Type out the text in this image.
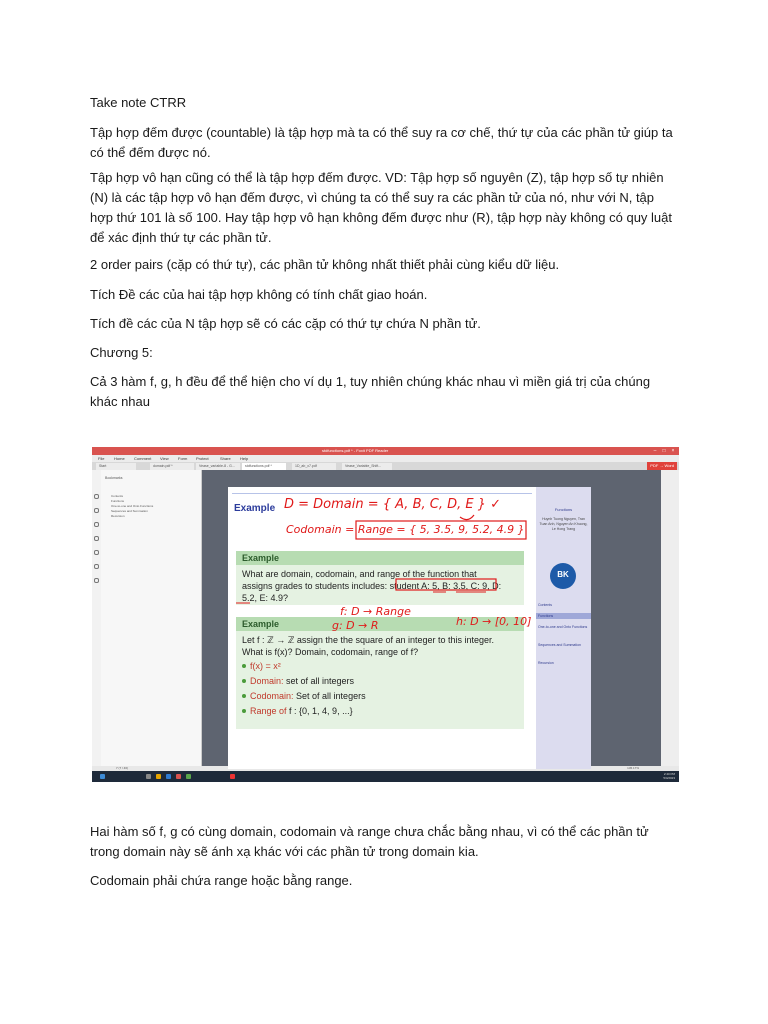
Take note CTRR

Tập hợp đếm được (countable) là tập hợp mà ta có thể suy ra cơ chế, thứ tự của các phần tử giúp ta có thể đếm được nó.

Tập hợp vô hạn cũng có thể là tập hợp đếm được. VD: Tập hợp số nguyên (Z), tập hợp số tự nhiên (N) là các tập hợp vô hạn đếm được, vì chúng ta có thể suy ra các phần tử của nó, như với N, tập hợp thứ 101 là số 100. Hay tập hợp vô hạn không đếm được như (R), tập hợp này không có quy luật để xác định thứ tự các phần tử.

2 order pairs (cặp có thứ tự), các phần tử không nhất thiết phải cùng kiểu dữ liệu.

Tích Đề các của hai tập hợp không có tính chất giao hoán.

Tích đề các của N tập hợp sẽ có các cặp có thứ tự chứa N phần tử.

Chương 5:

Cả 3 hàm f, g, h đều để thể hiện cho ví dụ 1, tuy nhiên chúng khác nhau vì miền giá trị của chúng khác nhau

Hai hàm số f, g có cùng domain, codomain và range chưa chắc bằng nhau, vì có thể các phần tử trong domain này sẽ ánh xạ khác với các phần tử trong domain kia.

Codomain phải chứa range hoặc bằng range.

stdfunctions.pdf * - Foxit PDF Reader	–	□	×
File Home Comment View Form Protect	Share Help
Start	domain.pdf *	Vease_variable-8 - G...	stdfunctions.pdf *	1D_ab_x7.pdf	Vease_Variable_Shift...	PDF → Word
Bookmarks
Contents
Functions
One-to-one and Onto Functions
Sequences and Summation
Recursion
7 (7 / 46)	145.17%
2:40 PM
5/4/2023
Example
Example
What are domain, codomain, and range of the function that
assigns grades to students includes: student A: 5, B: 3.5, C: 9, D:
5.2, E: 4.9?
Example
Let f : ℤ → ℤ assign the the square of an integer to this integer.
What is f(x)? Domain, codomain, range of f?
f(x) = x²
Domain: set of all integers
Codomain: Set of all integers
Range of f : {0, 1, 4, 9, ...}
Functions
Huynh Tuong Nguyen, Tran Tuan Anh, Nguyen An Khuong, Le Hong Trang
BK
Contents
Functions
One-to-one and Onto Functions
Sequences and Summation
Recursion
D = Domain = { A, B, C, D, E } ✓
Codomain = Range = { 5, 3.5, 9, 5.2, 4.9 }
f: D → Range
g: D → R	h: D → [0, 10]
